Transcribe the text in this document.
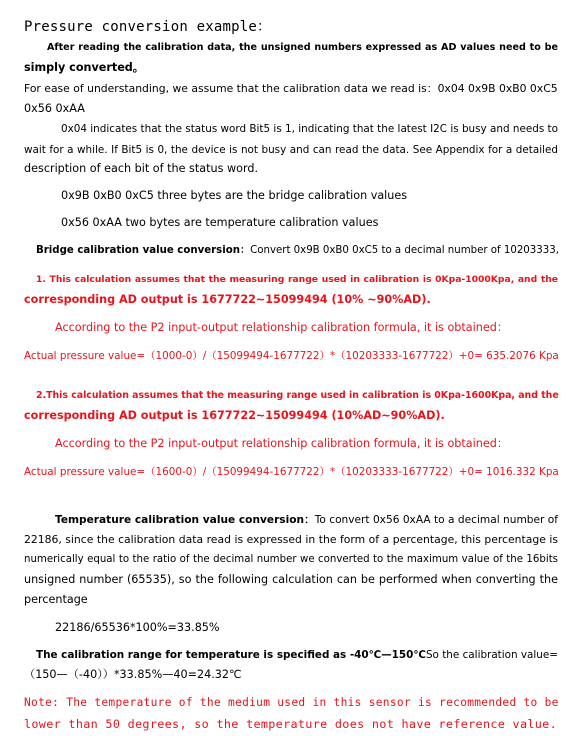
Pressure conversion example：
After reading the calibration data, the unsigned numbers expressed as AD values need to be
simply converted。
For ease of understanding, we assume that the calibration data we read is：0x04 0x9B 0xB0 0xC5
0x56 0xAA
0x04 indicates that the status word Bit5 is 1, indicating that the latest I2C is busy and needs to
wait for a while. If Bit5 is 0, the device is not busy and can read the data. See Appendix for a detailed
description of each bit of the status word.
0x9B 0xB0 0xC5 three bytes are the bridge calibration values
0x56 0xAA two bytes are temperature calibration values
Bridge calibration value conversion：Convert 0x9B 0xB0 0xC5 to a decimal number of 10203333,
1. This calculation assumes that the measuring range used in calibration is 0Kpa-1000Kpa, and the
corresponding AD output is 1677722~15099494 (10% ~90%AD).
According to the P2 input-output relationship calibration formula, it is obtained：
Actual pressure value=（1000-0）/（15099494-1677722）*（10203333-1677722）+0= 635.2076 Kpa
2.This calculation assumes that the measuring range used in calibration is 0Kpa-1600Kpa, and the
corresponding AD output is 1677722~15099494 (10%AD~90%AD).
According to the P2 input-output relationship calibration formula, it is obtained：
Actual pressure value=（1600-0）/（15099494-1677722）*（10203333-1677722）+0= 1016.332 Kpa
Temperature calibration value conversion：To convert 0x56 0xAA to a decimal number of
22186, since the calibration data read is expressed in the form of a percentage, this percentage is
numerically equal to the ratio of the decimal number we converted to the maximum value of the 16bits
unsigned number (65535), so the following calculation can be performed when converting the
percentage
22186/65536*100%=33.85%
The calibration range for temperature is specified as -40℃—150℃So the calibration value=
（150—（-40））*33.85%—40=24.32℃
Note: The temperature of the medium used in this sensor is recommended to be
lower than 50 degrees, so the temperature does not have reference value.
